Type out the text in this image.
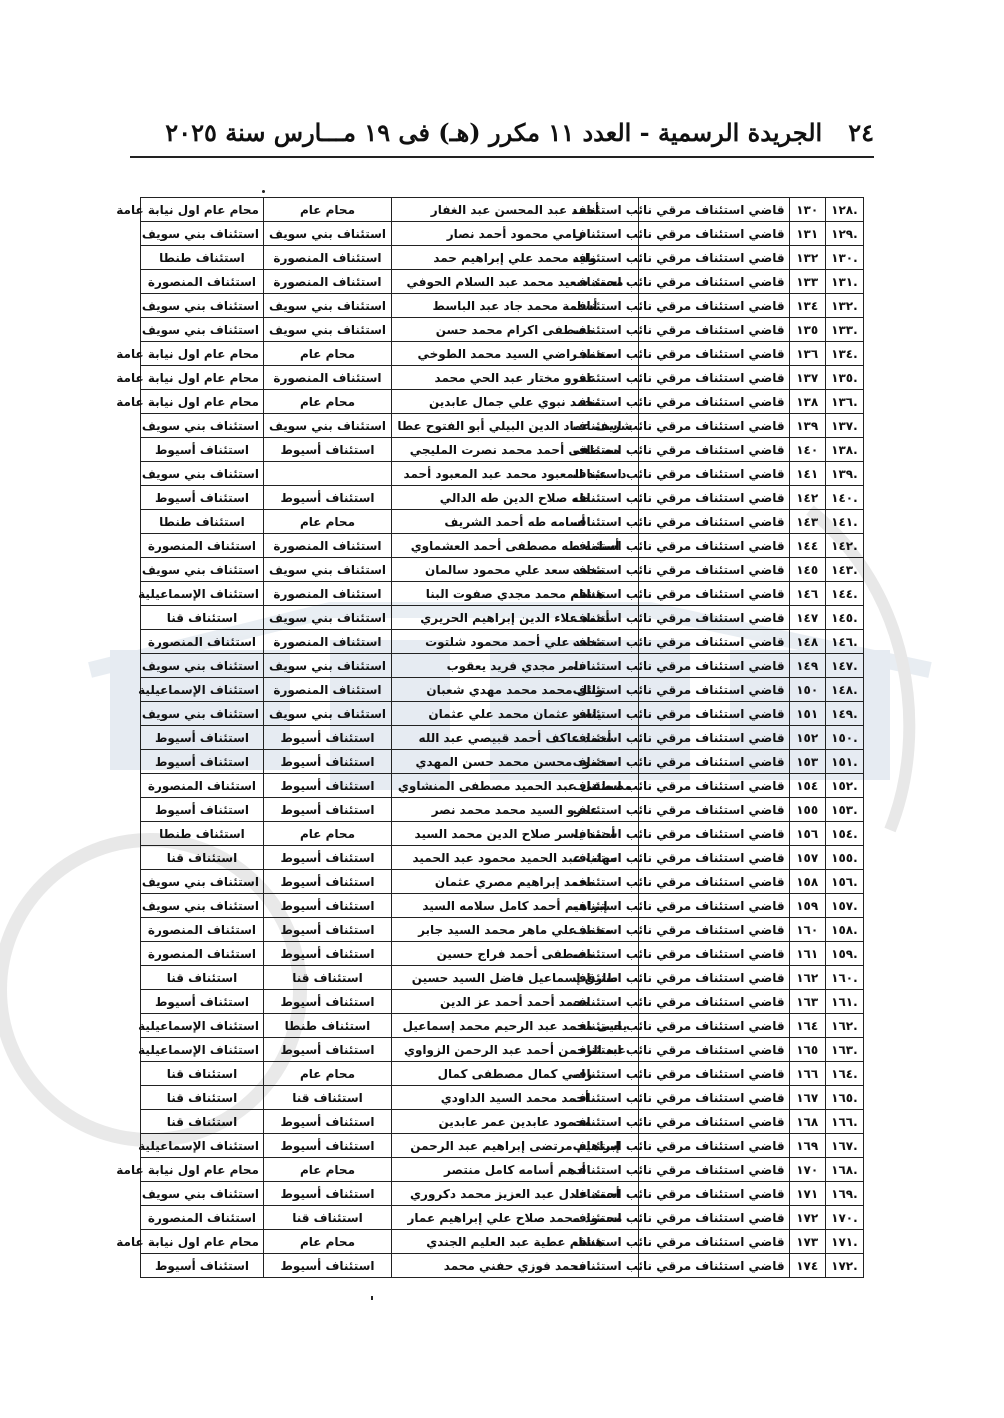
٢٤
الجريدة الرسمية - العدد ١١ مكرر (هـ) فى ١٩ مـــارس سنة ٢٠٢٥
.١٢٨	١٣٠	قاضي استئناف مرقي نائب استئناف	أحمد عبد المحسن عبد الغفار	محام عام	محام عام اول نيابة عامة
.١٢٩	١٣١	قاضي استئناف مرقي نائب استئناف	رامي محمود أحمد نصار	استئناف بني سويف	استئناف بني سويف
.١٣٠	١٣٢	قاضي استئناف مرقي نائب استئناف	وليد محمد علي إبراهيم حمد	استئناف المنصورة	استئناف طنطا
.١٣١	١٣٣	قاضي استئناف مرقي نائب استئناف	محمد سعيد محمد عبد السلام الحوفي	استئناف المنصورة	استئناف المنصورة
.١٣٢	١٣٤	قاضي استئناف مرقي نائب استئناف	أسامة محمد جاد عبد الباسط	استئناف بني سويف	استئناف بني سويف
.١٣٣	١٣٥	قاضي استئناف مرقي نائب استئناف	مصطفى اكرام محمد حسن	استئناف بني سويف	استئناف بني سويف
.١٣٤	١٣٦	قاضي استئناف مرقي نائب استئناف	محمد راضي السيد محمد الطوخي	محام عام	محام عام اول نيابة عامة
.١٣٥	١٣٧	قاضي استئناف مرقي نائب استئناف	عمرو مختار عبد الحي محمد	استئناف المنصورة	محام عام اول نيابة عامة
.١٣٦	١٣٨	قاضي استئناف مرقي نائب استئناف	محمد نبوي علي جمال عابدين	محام عام	محام عام اول نيابة عامة
.١٣٧	١٣٩	قاضي استئناف مرقي نائب استئناف	شريف عماد الدين البيلي أبو الفتوح عطا	استئناف بني سويف	استئناف بني سويف
.١٣٨	١٤٠	قاضي استئناف مرقي نائب استئناف	مصطفى أحمد محمد نصرت المليجي	استئناف أسيوط	استئناف أسيوط
.١٣٩	١٤١	قاضي استئناف مرقي نائب استئناف	د . عبد المعبود محمد عبد المعبود أحمد		استئناف بني سويف
.١٤٠	١٤٢	قاضي استئناف مرقي نائب استئناف	طه صلاح الدين طه الدالي	استئناف أسيوط	استئناف أسيوط
.١٤١	١٤٣	قاضي استئناف مرقي نائب استئناف	أسامه طه أحمد الشريف	محام عام	استئناف طنطا
.١٤٢	١٤٤	قاضي استئناف مرقي نائب استئناف	أسامه طه مصطفى أحمد العشماوي	استئناف المنصورة	استئناف المنصورة
.١٤٣	١٤٥	قاضي استئناف مرقي نائب استئناف	محمد سعد علي محمود سالمان	استئناف بني سويف	استئناف بني سويف
.١٤٤	١٤٦	قاضي استئناف مرقي نائب استئناف	هشام محمد مجدي صفوت البنا	استئناف المنصورة	استئناف الإسماعيلية
.١٤٥	١٤٧	قاضي استئناف مرقي نائب استئناف	أحمد علاء الدين إبراهيم الحريري	استئناف بني سويف	استئناف قنا
.١٤٦	١٤٨	قاضي استئناف مرقي نائب استئناف	محمد علي أحمد محمود شلتوت	استئناف المنصورة	استئناف المنصورة
.١٤٧	١٤٩	قاضي استئناف مرقي نائب استئناف	تامر مجدي فريد يعقوب	استئناف بني سويف	استئناف بني سويف
.١٤٨	١٥٠	قاضي استئناف مرقي نائب استئناف	وائل محمد محمد مهدي شعبان	استئناف المنصورة	استئناف الإسماعيلية
.١٤٩	١٥١	قاضي استئناف مرقي نائب استئناف	ياسر عثمان محمد علي عثمان	استئناف بني سويف	استئناف بني سويف
.١٥٠	١٥٢	قاضي استئناف مرقي نائب استئناف	أحمد عاكف أحمد قبيصي عبد الله	استئناف أسيوط	استئناف أسيوط
.١٥١	١٥٣	قاضي استئناف مرقي نائب استئناف	محمود محسن محمد حسن المهدي	استئناف أسيوط	استئناف أسيوط
.١٥٢	١٥٤	قاضي استئناف مرقي نائب استئناف	مصطفى عبد الحميد مصطفى المنشاوي	استئناف أسيوط	استئناف المنصورة
.١٥٣	١٥٥	قاضي استئناف مرقي نائب استئناف	عمرو السيد محمد محمد نصر	استئناف أسيوط	استئناف أسيوط
.١٥٤	١٥٦	قاضي استئناف مرقي نائب استئناف	أحمد ياسر صلاح الدين محمد السيد	محام عام	استئناف طنطا
.١٥٥	١٥٧	قاضي استئناف مرقي نائب استئناف	مهاب عبد الحميد محمود عبد الحميد	استئناف أسيوط	استئناف قنا
.١٥٦	١٥٨	قاضي استئناف مرقي نائب استئناف	محمد إبراهيم مصري عثمان	استئناف أسيوط	استئناف بني سويف
.١٥٧	١٥٩	قاضي استئناف مرقي نائب استئناف	إبراهيم أحمد كامل سلامه السيد	استئناف أسيوط	استئناف بني سويف
.١٥٨	١٦٠	قاضي استئناف مرقي نائب استئناف	محمد علي ماهر محمد السيد جابر	استئناف أسيوط	استئناف المنصورة
.١٥٩	١٦١	قاضي استئناف مرقي نائب استئناف	مصطفى أحمد فراج حسين	استئناف أسيوط	استئناف المنصورة
.١٦٠	١٦٢	قاضي استئناف مرقي نائب استئناف	طارق إسماعيل فاضل السيد حسين	استئناف قنا	استئناف قنا
.١٦١	١٦٣	قاضي استئناف مرقي نائب استئناف	محمد أحمد أحمد عز الدين	استئناف أسيوط	استئناف أسيوط
.١٦٢	١٦٤	قاضي استئناف مرقي نائب استئناف	يحيى محمد عبد الرحيم محمد إسماعيل	استئناف طنطا	استئناف الإسماعيلية
.١٦٣	١٦٥	قاضي استئناف مرقي نائب استئناف	عبد الرحمن أحمد عبد الرحمن الزواوي	استئناف أسيوط	استئناف الإسماعيلية
.١٦٤	١٦٦	قاضي استئناف مرقي نائب استئناف	رامي كمال مصطفى كمال	محام عام	استئناف قنا
.١٦٥	١٦٧	قاضي استئناف مرقي نائب استئناف	أحمد محمد السيد الداودي	استئناف قنا	استئناف قنا
.١٦٦	١٦٨	قاضي استئناف مرقي نائب استئناف	محمود عابدين عمر عابدين	استئناف أسيوط	استئناف قنا
.١٦٧	١٦٩	قاضي استئناف مرقي نائب استئناف	إبراهيم مرتضى إبراهيم عبد الرحمن	استئناف أسيوط	استئناف الإسماعيلية
.١٦٨	١٧٠	قاضي استئناف مرقي نائب استئناف	أدهم أسامه كامل منتصر	محام عام	محام عام اول نيابة عامة
.١٦٩	١٧١	قاضي استئناف مرقي نائب استئناف	أحمد عادل عبد العزيز محمد دكروري	استئناف أسيوط	استئناف بني سويف
.١٧٠	١٧٢	قاضي استئناف مرقي نائب استئناف	محمود محمد صلاح علي إبراهيم عمار	استئناف قنا	استئناف المنصورة
.١٧١	١٧٣	قاضي استئناف مرقي نائب استئناف	هشام عطية عبد العليم الجندي	محام عام	محام عام اول نيابة عامة
.١٧٢	١٧٤	قاضي استئناف مرقي نائب استئناف	محمد فوزي حفني محمد	استئناف أسيوط	استئناف أسيوط
